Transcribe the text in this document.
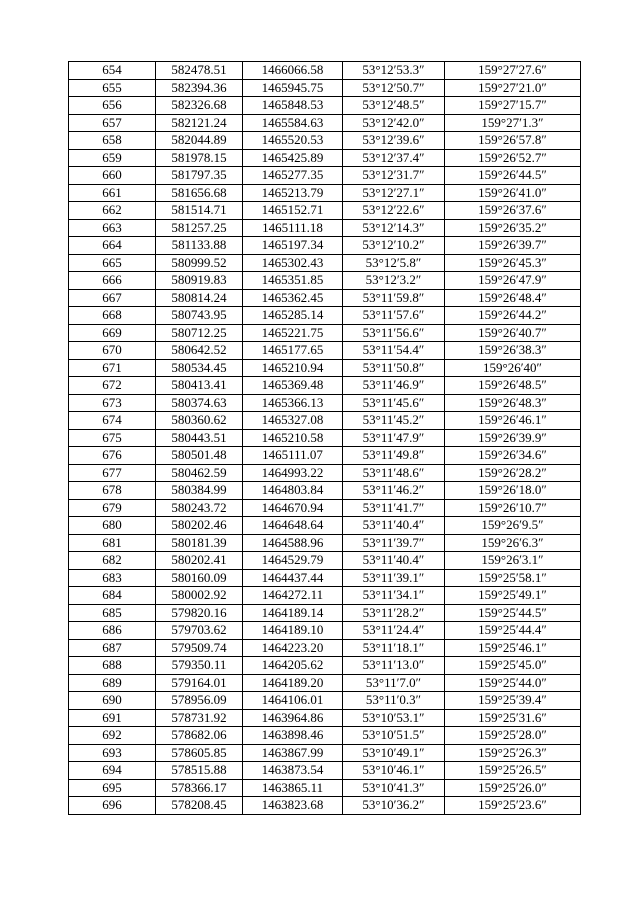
654	582478.51	1466066.58	53°12′53.3″	159°27′27.6″
655	582394.36	1465945.75	53°12′50.7″	159°27′21.0″
656	582326.68	1465848.53	53°12′48.5″	159°27′15.7″
657	582121.24	1465584.63	53°12′42.0″	159°27′1.3″
658	582044.89	1465520.53	53°12′39.6″	159°26′57.8″
659	581978.15	1465425.89	53°12′37.4″	159°26′52.7″
660	581797.35	1465277.35	53°12′31.7″	159°26′44.5″
661	581656.68	1465213.79	53°12′27.1″	159°26′41.0″
662	581514.71	1465152.71	53°12′22.6″	159°26′37.6″
663	581257.25	1465111.18	53°12′14.3″	159°26′35.2″
664	581133.88	1465197.34	53°12′10.2″	159°26′39.7″
665	580999.52	1465302.43	53°12′5.8″	159°26′45.3″
666	580919.83	1465351.85	53°12′3.2″	159°26′47.9″
667	580814.24	1465362.45	53°11′59.8″	159°26′48.4″
668	580743.95	1465285.14	53°11′57.6″	159°26′44.2″
669	580712.25	1465221.75	53°11′56.6″	159°26′40.7″
670	580642.52	1465177.65	53°11′54.4″	159°26′38.3″
671	580534.45	1465210.94	53°11′50.8″	159°26′40″
672	580413.41	1465369.48	53°11′46.9″	159°26′48.5″
673	580374.63	1465366.13	53°11′45.6″	159°26′48.3″
674	580360.62	1465327.08	53°11′45.2″	159°26′46.1″
675	580443.51	1465210.58	53°11′47.9″	159°26′39.9″
676	580501.48	1465111.07	53°11′49.8″	159°26′34.6″
677	580462.59	1464993.22	53°11′48.6″	159°26′28.2″
678	580384.99	1464803.84	53°11′46.2″	159°26′18.0″
679	580243.72	1464670.94	53°11′41.7″	159°26′10.7″
680	580202.46	1464648.64	53°11′40.4″	159°26′9.5″
681	580181.39	1464588.96	53°11′39.7″	159°26′6.3″
682	580202.41	1464529.79	53°11′40.4″	159°26′3.1″
683	580160.09	1464437.44	53°11′39.1″	159°25′58.1″
684	580002.92	1464272.11	53°11′34.1″	159°25′49.1″
685	579820.16	1464189.14	53°11′28.2″	159°25′44.5″
686	579703.62	1464189.10	53°11′24.4″	159°25′44.4″
687	579509.74	1464223.20	53°11′18.1″	159°25′46.1″
688	579350.11	1464205.62	53°11′13.0″	159°25′45.0″
689	579164.01	1464189.20	53°11′7.0″	159°25′44.0″
690	578956.09	1464106.01	53°11′0.3″	159°25′39.4″
691	578731.92	1463964.86	53°10′53.1″	159°25′31.6″
692	578682.06	1463898.46	53°10′51.5″	159°25′28.0″
693	578605.85	1463867.99	53°10′49.1″	159°25′26.3″
694	578515.88	1463873.54	53°10′46.1″	159°25′26.5″
695	578366.17	1463865.11	53°10′41.3″	159°25′26.0″
696	578208.45	1463823.68	53°10′36.2″	159°25′23.6″
